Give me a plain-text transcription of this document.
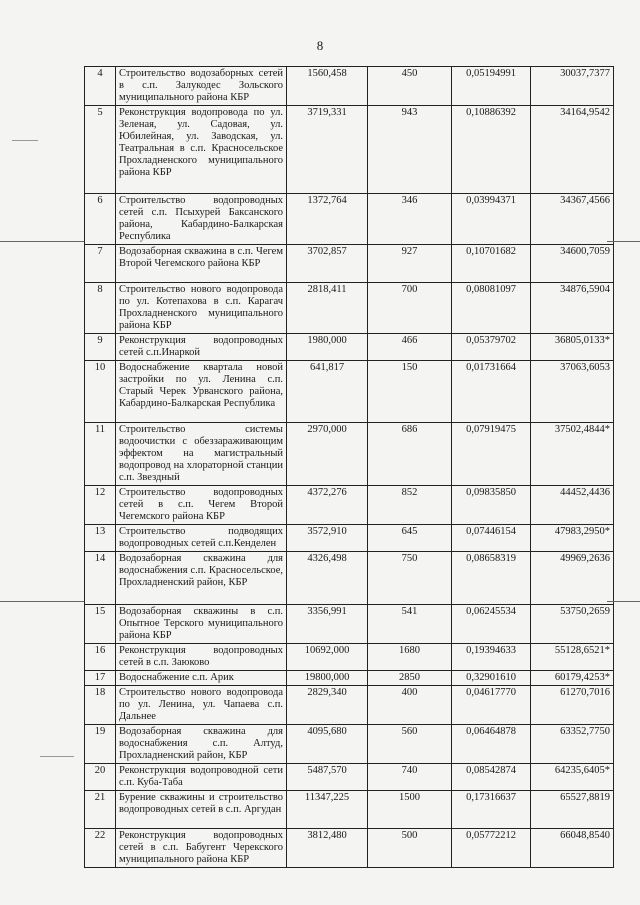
8
4	Строительство водозаборных сетей в с.п. Залукодес Зольского муниципального района КБР	1560,458	450	0,05194991	30037,7377
5	Реконструкция водопровода по ул. Зеленая, ул. Садовая, ул. Юбилейная, ул. Заводская, ул. Театральная в с.п. Красносельское Прохладненского муниципального района КБР	3719,331	943	0,10886392	34164,9542
6	Строительство водопроводных сетей с.п. Псыхурей Баксанского района, Кабардино-Балкарская Республика	1372,764	346	0,03994371	34367,4566
7	Водозаборная скважина в с.п. Чегем Второй Чегемского района КБР	3702,857	927	0,10701682	34600,7059
8	Строительство нового водопровода по ул. Котепахова в с.п. Карагач Прохладненского муниципального района КБР	2818,411	700	0,08081097	34876,5904
9	Реконструкция водопроводных сетей с.п.Инаркой	1980,000	466	0,05379702	36805,0133*
10	Водоснабжение квартала новой застройки по ул. Ленина с.п. Старый Черек Урванского района, Кабардино-Балкарская Республика	641,817	150	0,01731664	37063,6053
11	Строительство системы водоочистки с обеззараживающим эффектом на магистральный водопровод на хлораторной станции с.п. Звездный	2970,000	686	0,07919475	37502,4844*
12	Строительство водопроводных сетей в с.п. Чегем Второй Чегемского района КБР	4372,276	852	0,09835850	44452,4436
13	Строительство подводящих водопроводных сетей с.п.Кенделен	3572,910	645	0,07446154	47983,2950*
14	Водозаборная скважина для водоснабжения с.п. Красносельское, Прохладненский район, КБР	4326,498	750	0,08658319	49969,2636
15	Водозаборная скважины в с.п. Опытное Терского муниципального района КБР	3356,991	541	0,06245534	53750,2659
16	Реконструкция водопроводных сетей в с.п. Заюково	10692,000	1680	0,19394633	55128,6521*
17	Водоснабжение с.п. Арик	19800,000	2850	0,32901610	60179,4253*
18	Строительство нового водопровода по ул. Ленина, ул. Чапаева с.п. Дальнее	2829,340	400	0,04617770	61270,7016
19	Водозаборная скважина для водоснабжения с.п. Алтуд, Прохладненский район, КБР	4095,680	560	0,06464878	63352,7750
20	Реконструкция водопроводной сети с.п. Куба-Таба	5487,570	740	0,08542874	64235,6405*
21	Бурение скважины и строительство водопроводных сетей в с.п. Аргудан	11347,225	1500	0,17316637	65527,8819
22	Реконструкция водопроводных сетей в с.п. Бабугент Черекского муниципального района КБР	3812,480	500	0,05772212	66048,8540
